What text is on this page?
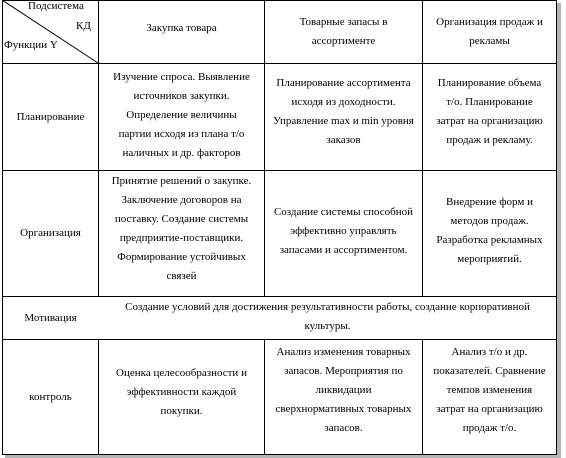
Подсистема
КД
Функции Y
Закупка товара	Товарные запасы в
ассортименте
Организация продаж и
рекламы
Планирование
Изучение спроса. Выявление
источников закупки.
Определение величины
партии исходя из плана т/о
наличных и др. факторов
Планирование ассортимента
исходя из доходности.
Управление max и min уровня
заказов
Планирование объема
т/о. Планирование
затрат на организацию
продаж и рекламу.
Организация
Принятие решений о закупке.
Заключение договоров на
поставку. Создание системы
предприятие-поставщики.
Формирование устойчивых
связей
Создание системы способной
эффективно управлять
запасами и ассортиментом.
Внедрение форм и
методов продаж.
Разработка рекламных
мероприятий.
Мотивация
Создание условий для достижения результативности работы, создание корпоративной
культуры.
контроль
Оценка целесообразности и
эффективности каждой
покупки.
Анализ изменения товарных
запасов. Мероприятия по
ликвидации
сверхнормативных товарных
запасов.
Анализ т/о и др.
показателей. Сравнение
темпов изменения
затрат на организацию
продаж т/о.
